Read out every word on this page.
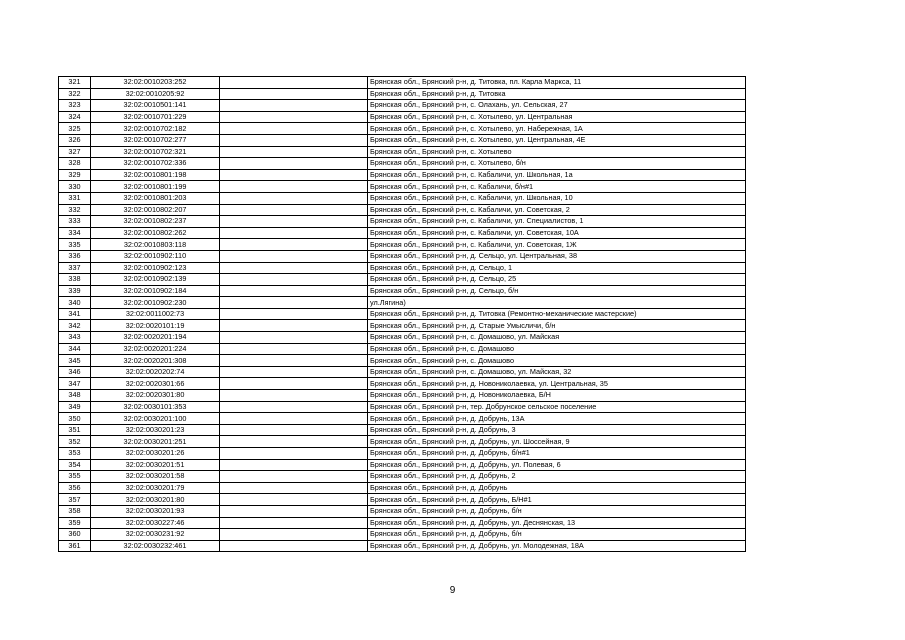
321	32:02:0010203:252		Брянская обл., Брянский р-н, д. Титовка, пл. Карла Маркса, 11
322	32:02:0010205:92		Брянская обл., Брянский р-н, д. Титовка
323	32:02:0010501:141		Брянская обл., Брянский р-н, с. Олахань, ул. Сельская, 27
324	32:02:0010701:229		Брянская обл., Брянский р-н, с. Хотылево, ул. Центральная
325	32:02:0010702:182		Брянская обл., Брянский р-н, с. Хотылево, ул. Набережная, 1А
326	32:02:0010702:277		Брянская обл., Брянский р-н, с. Хотылево, ул. Центральная, 4Е
327	32:02:0010702:321		Брянская обл., Брянский р-н, с. Хотылево
328	32:02:0010702:336		Брянская обл., Брянский р-н, с. Хотылево, б/н
329	32:02:0010801:198		Брянская обл., Брянский р-н, с. Кабаличи, ул. Школьная, 1а
330	32:02:0010801:199		Брянская обл., Брянский р-н, с. Кабаличи, б/н#1
331	32:02:0010801:203		Брянская обл., Брянский р-н, с. Кабаличи, ул. Школьная, 10
332	32:02:0010802:207		Брянская обл., Брянский р-н, с. Кабаличи, ул. Советская, 2
333	32:02:0010802:237		Брянская обл., Брянский р-н, с. Кабаличи, ул. Специалистов, 1
334	32:02:0010802:262		Брянская обл., Брянский р-н, с. Кабаличи, ул. Советская, 10А
335	32:02:0010803:118		Брянская обл., Брянский р-н, с. Кабаличи, ул. Советская, 1Ж
336	32:02:0010902:110		Брянская обл., Брянский р-н, д. Сельцо, ул. Центральная, 38
337	32:02:0010902:123		Брянская обл., Брянский р-н, д. Сельцо, 1
338	32:02:0010902:139		Брянская обл., Брянский р-н, д. Сельцо, 25
339	32:02:0010902:184		Брянская обл., Брянский р-н, д. Сельцо, б/н
340	32:02:0010902:230		ул.Лягина)
341	32:02:0011002:73		Брянская обл., Брянский р-н, д. Титовка (Ремонтно-механические мастерские)
342	32:02:0020101:19		Брянская обл., Брянский р-н, д. Старые Умысличи, б/н
343	32:02:0020201:194		Брянская обл., Брянский р-н, с. Домашово, ул. Майская
344	32:02:0020201:224		Брянская обл., Брянский р-н, с. Домашово
345	32:02:0020201:308		Брянская обл., Брянский р-н, с. Домашово
346	32:02:0020202:74		Брянская обл., Брянский р-н, с. Домашово, ул. Майская, 32
347	32:02:0020301:66		Брянская обл., Брянский р-н, д. Новониколаевка, ул. Центральная, 35
348	32:02:0020301:80		Брянская обл., Брянский р-н, д. Новониколаевка, Б/Н
349	32:02:0030101:353		Брянская обл., Брянский р-н, тер. Добрунское сельское поселение
350	32:02:0030201:100		Брянская обл., Брянский р-н, д. Добрунь, 13А
351	32:02:0030201:23		Брянская обл., Брянский р-н, д. Добрунь, 3
352	32:02:0030201:251		Брянская обл., Брянский р-н, д. Добрунь, ул. Шоссейная, 9
353	32:02:0030201:26		Брянская обл., Брянский р-н, д. Добрунь, б/н#1
354	32:02:0030201:51		Брянская обл., Брянский р-н, д. Добрунь, ул. Полевая, 6
355	32:02:0030201:58		Брянская обл., Брянский р-н, д. Добрунь, 2
356	32:02:0030201:79		Брянская обл., Брянский р-н, д. Добрунь
357	32:02:0030201:80		Брянская обл., Брянский р-н, д. Добрунь, Б/Н#1
358	32:02:0030201:93		Брянская обл., Брянский р-н, д. Добрунь, б/н
359	32:02:0030227:46		Брянская обл., Брянский р-н, д. Добрунь, ул. Деснянская, 13
360	32:02:0030231:92		Брянская обл., Брянский р-н, д. Добрунь, б/н
361	32:02:0030232:461		Брянская обл., Брянский р-н, д. Добрунь, ул. Молодежная, 18А
9
